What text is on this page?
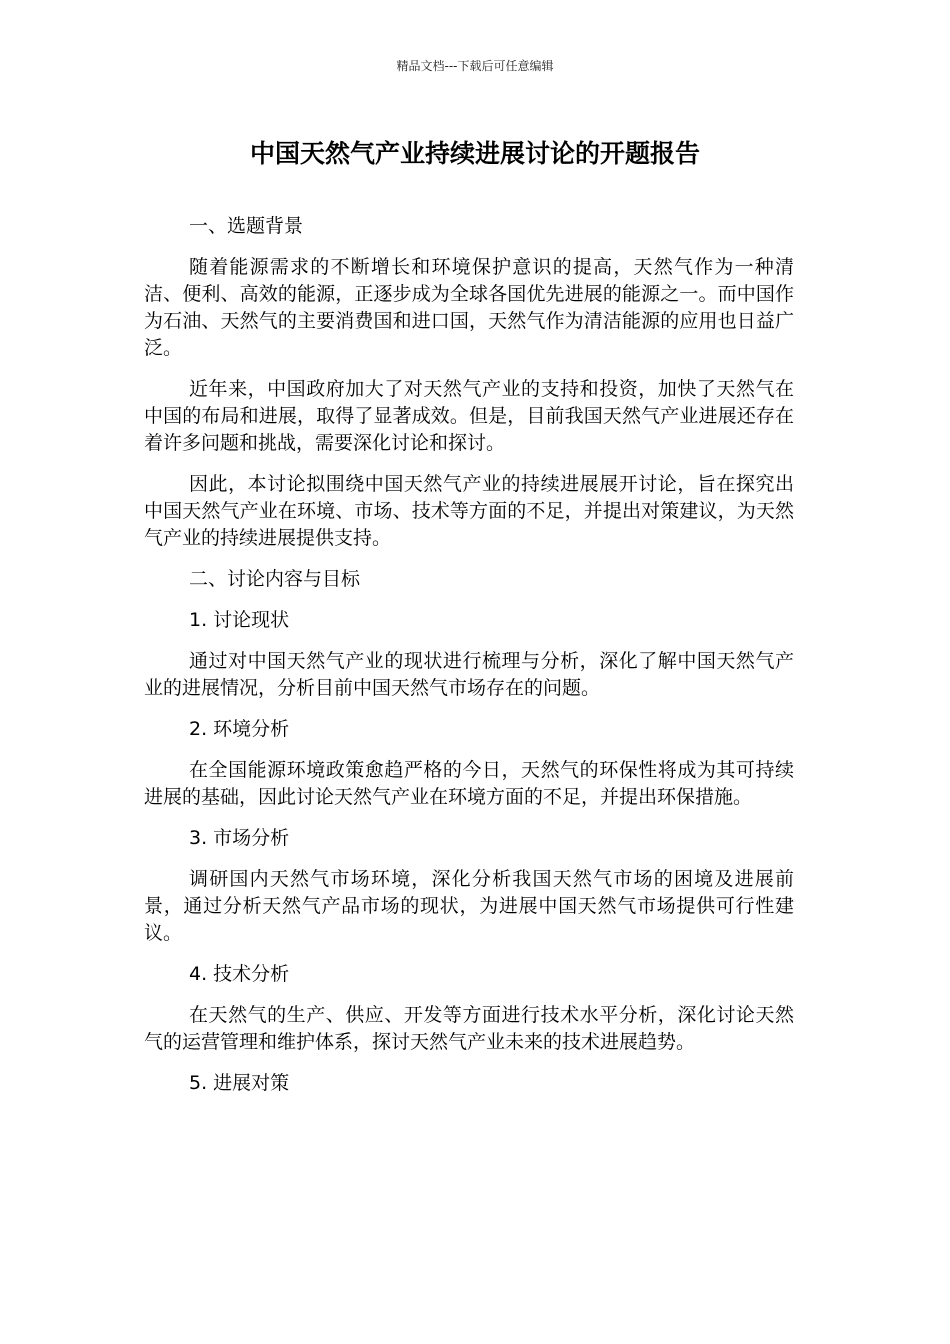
精品文档---下载后可任意编辑
中国天然气产业持续进展讨论的开题报告

一、选题背景

随着能源需求的不断增长和环境保护意识的提高，天然气作为一种清洁、便利、高效的能源，正逐步成为全球各国优先进展的能源之一。而中国作为石油、天然气的主要消费国和进口国，天然气作为清洁能源的应用也日益广泛。

近年来，中国政府加大了对天然气产业的支持和投资，加快了天然气在中国的布局和进展，取得了显著成效。但是，目前我国天然气产业进展还存在着许多问题和挑战，需要深化讨论和探讨。

因此，本讨论拟围绕中国天然气产业的持续进展展开讨论，旨在探究出中国天然气产业在环境、市场、技术等方面的不足，并提出对策建议，为天然气产业的持续进展提供支持。

二、讨论内容与目标

1. 讨论现状

通过对中国天然气产业的现状进行梳理与分析，深化了解中国天然气产业的进展情况，分析目前中国天然气市场存在的问题。

2. 环境分析

在全国能源环境政策愈趋严格的今日，天然气的环保性将成为其可持续进展的基础，因此讨论天然气产业在环境方面的不足，并提出环保措施。

3. 市场分析

调研国内天然气市场环境，深化分析我国天然气市场的困境及进展前景，通过分析天然气产品市场的现状，为进展中国天然气市场提供可行性建议。

4. 技术分析

在天然气的生产、供应、开发等方面进行技术水平分析，深化讨论天然气的运营管理和维护体系，探讨天然气产业未来的技术进展趋势。

5. 进展对策
